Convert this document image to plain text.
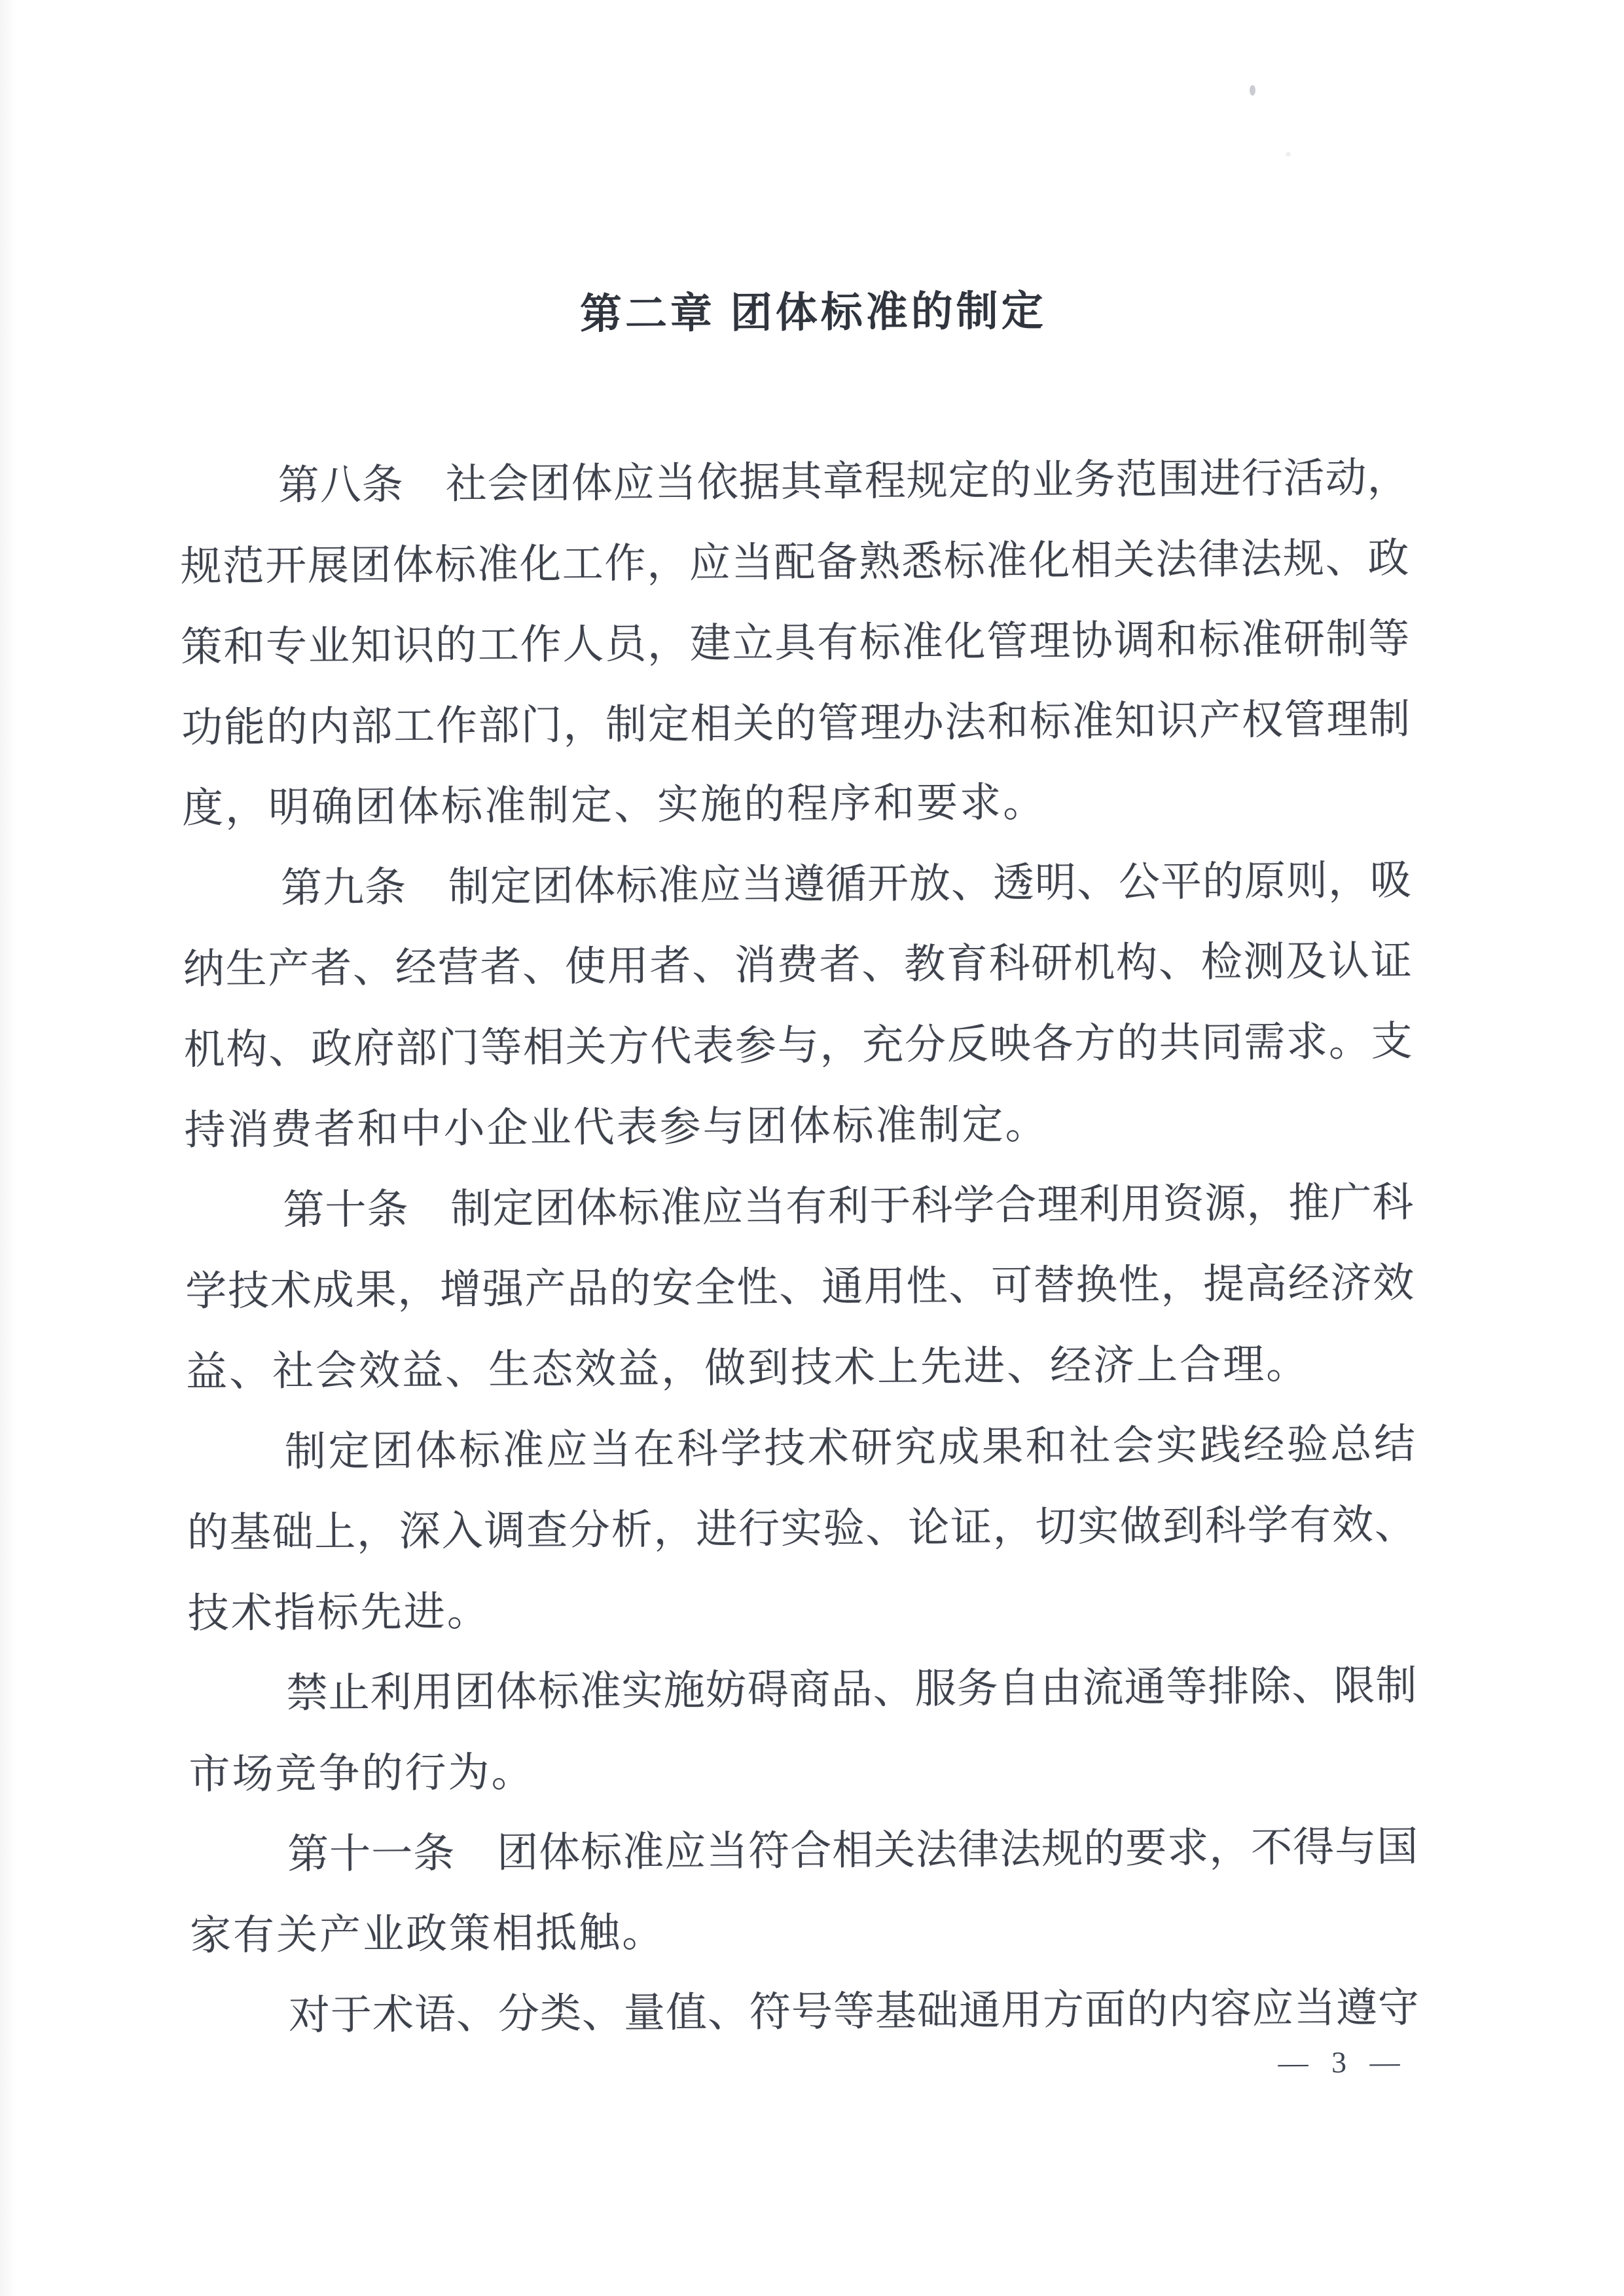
第二章 团体标准的制定
第八条　社会团体应当依据其章程规定的业务范围进行活动，
规范开展团体标准化工作，应当配备熟悉标准化相关法律法规、政
策和专业知识的工作人员，建立具有标准化管理协调和标准研制等
功能的内部工作部门，制定相关的管理办法和标准知识产权管理制
度，明确团体标准制定、实施的程序和要求。
第九条　制定团体标准应当遵循开放、透明、公平的原则，吸
纳生产者、经营者、使用者、消费者、教育科研机构、检测及认证
机构、政府部门等相关方代表参与，充分反映各方的共同需求。支
持消费者和中小企业代表参与团体标准制定。
第十条　制定团体标准应当有利于科学合理利用资源，推广科
学技术成果，增强产品的安全性、通用性、可替换性，提高经济效
益、社会效益、生态效益，做到技术上先进、经济上合理。
制定团体标准应当在科学技术研究成果和社会实践经验总结
的基础上，深入调查分析，进行实验、论证，切实做到科学有效、
技术指标先进。
禁止利用团体标准实施妨碍商品、服务自由流通等排除、限制
市场竞争的行为。
第十一条　团体标准应当符合相关法律法规的要求，不得与国
家有关产业政策相抵触。
对于术语、分类、量值、符号等基础通用方面的内容应当遵守
— 3 —
